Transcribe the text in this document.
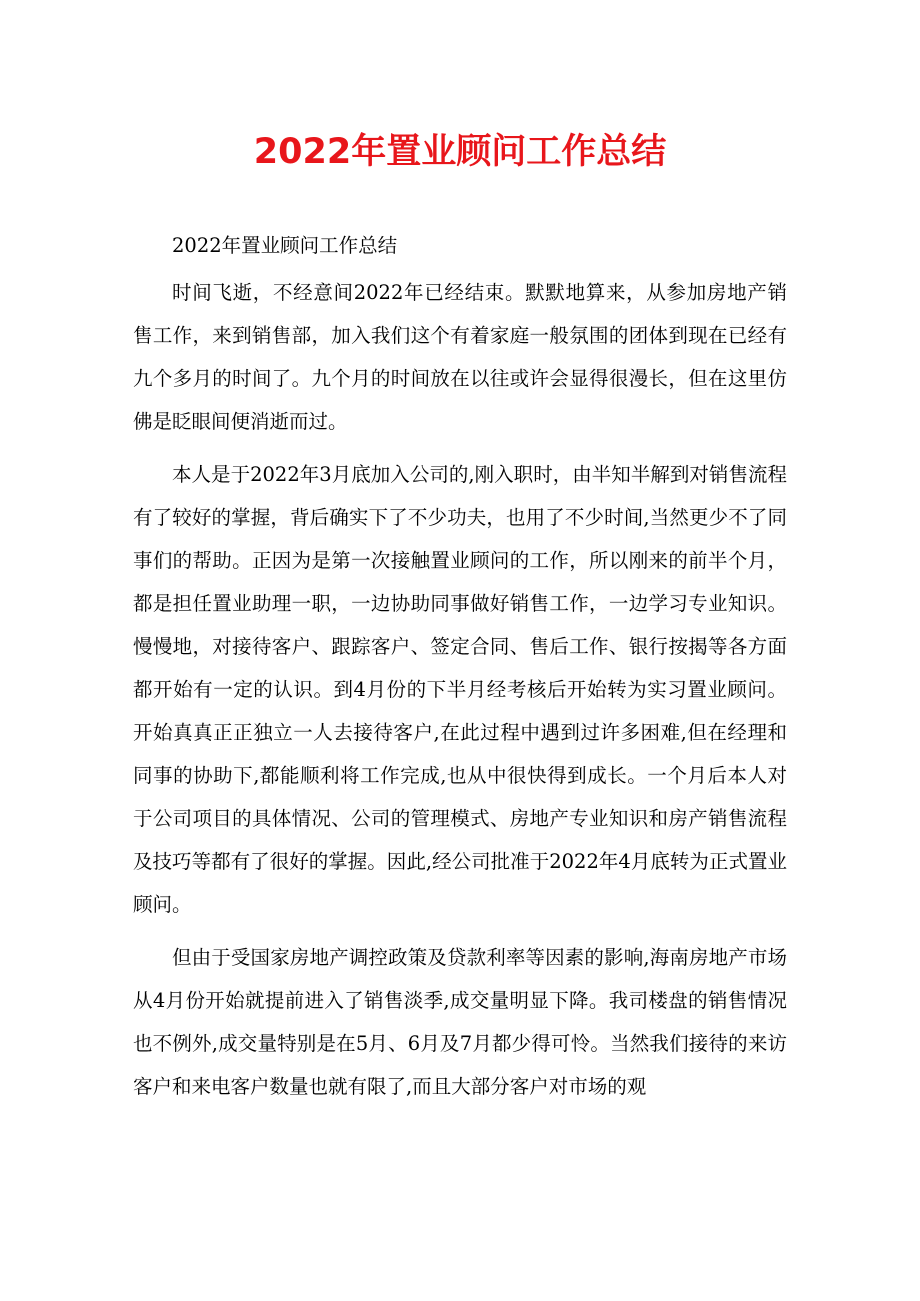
2022年置业顾问工作总结

2022年置业顾问工作总结

时间飞逝，不经意间2022年已经结束。默默地算来，从参加房地产销售工作，来到销售部，加入我们这个有着家庭一般氛围的团体到现在已经有九个多月的时间了。九个月的时间放在以往或许会显得很漫长，但在这里仿佛是眨眼间便消逝而过。

本人是于2022年3月底加入公司的,刚入职时，由半知半解到对销售流程有了较好的掌握，背后确实下了不少功夫，也用了不少时间,当然更少不了同事们的帮助。正因为是第一次接触置业顾问的工作，所以刚来的前半个月，都是担任置业助理一职，一边协助同事做好销售工作，一边学习专业知识。慢慢地，对接待客户、跟踪客户、签定合同、售后工作、银行按揭等各方面都开始有一定的认识。到4月份的下半月经考核后开始转为实习置业顾问。开始真真正正独立一人去接待客户,在此过程中遇到过许多困难,但在经理和同事的协助下,都能顺利将工作完成,也从中很快得到成长。一个月后本人对于公司项目的具体情况、公司的管理模式、房地产专业知识和房产销售流程及技巧等都有了很好的掌握。因此,经公司批准于2022年4月底转为正式置业顾问。

但由于受国家房地产调控政策及贷款利率等因素的影响,海南房地产市场从4月份开始就提前进入了销售淡季,成交量明显下降。我司楼盘的销售情况也不例外,成交量特别是在5月、6月及7月都少得可怜。当然我们接待的来访客户和来电客户数量也就有限了,而且大部分客户对市场的观
